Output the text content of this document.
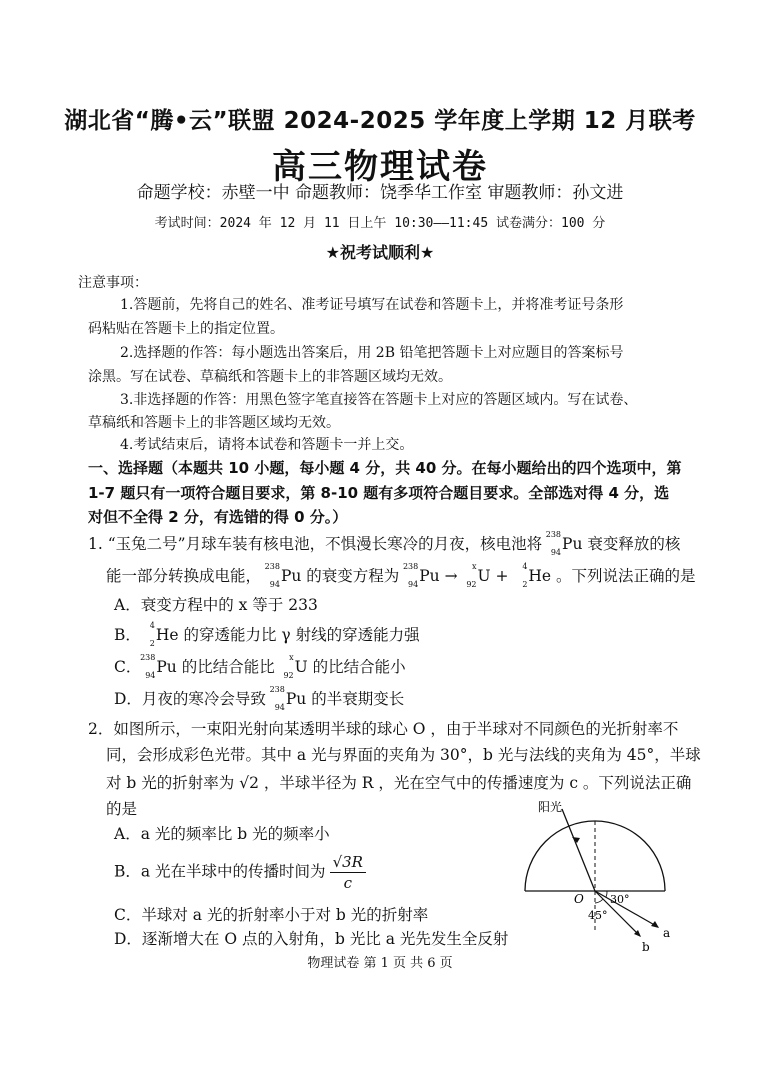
湖北省“腾•云”联盟 2024-2025 学年度上学期 12 月联考
高三物理试卷
命题学校：赤壁一中 命题教师：饶季华工作室 审题教师：孙文进
考试时间：2024 年 12 月 11 日上午 10:30——11:45 试卷满分：100 分
★祝考试顺利★
注意事项：
1.答题前，先将自己的姓名、准考证号填写在试卷和答题卡上，并将准考证号条形
码粘贴在答题卡上的指定位置。
2.选择题的作答：每小题选出答案后，用 2B 铅笔把答题卡上对应题目的答案标号
涂黑。写在试卷、草稿纸和答题卡上的非答题区域均无效。
3.非选择题的作答：用黑色签字笔直接答在答题卡上对应的答题区域内。写在试卷、
草稿纸和答题卡上的非答题区域均无效。
4.考试结束后，请将本试卷和答题卡一并上交。
一、选择题（本题共 10 小题，每小题 4 分，共 40 分。在每小题给出的四个选项中，第
1-7 题只有一项符合题目要求，第 8-10 题有多项符合题目要求。全部选对得 4 分，选
对但不全得 2 分，有选错的得 0 分。）
1. “玉兔二号”月球车装有核电池，不惧漫长寒冷的月夜，核电池将
238
94 Pu 衰变释放的核
能一部分转换成电能，
238
94 Pu 的衰变方程为
238
94 Pu →
x
92 U +
4
2 He 。下列说法正确的是
A．衰变方程中的 x 等于 233
B．
4
2 He 的穿透能力比 γ 射线的穿透能力强
C．
238
94 Pu 的比结合能比
x
92 U 的比结合能小
D．月夜的寒冷会导致
238
94 Pu 的半衰期变长
2．如图所示，一束阳光射向某透明半球的球心 O ，由于半球对不同颜色的光折射率不
同，会形成彩色光带。其中 a 光与界面的夹角为 30°，b 光与法线的夹角为 45°，半球
对 b 光的折射率为 √2 ，半球半径为 R ，光在空气中的传播速度为 c 。下列说法正确
的是
A．a 光的频率比 b 光的频率小
B．a 光在半球中的传播时间为 $\frac{√3R}{c}$
C．半球对 a 光的折射率小于对 b 光的折射率
D．逐渐增大在 O 点的入射角，b 光比 a 光先发生全反射
阳光
O 30°
45°
a
b
物理试卷 第 1 页 共 6 页
